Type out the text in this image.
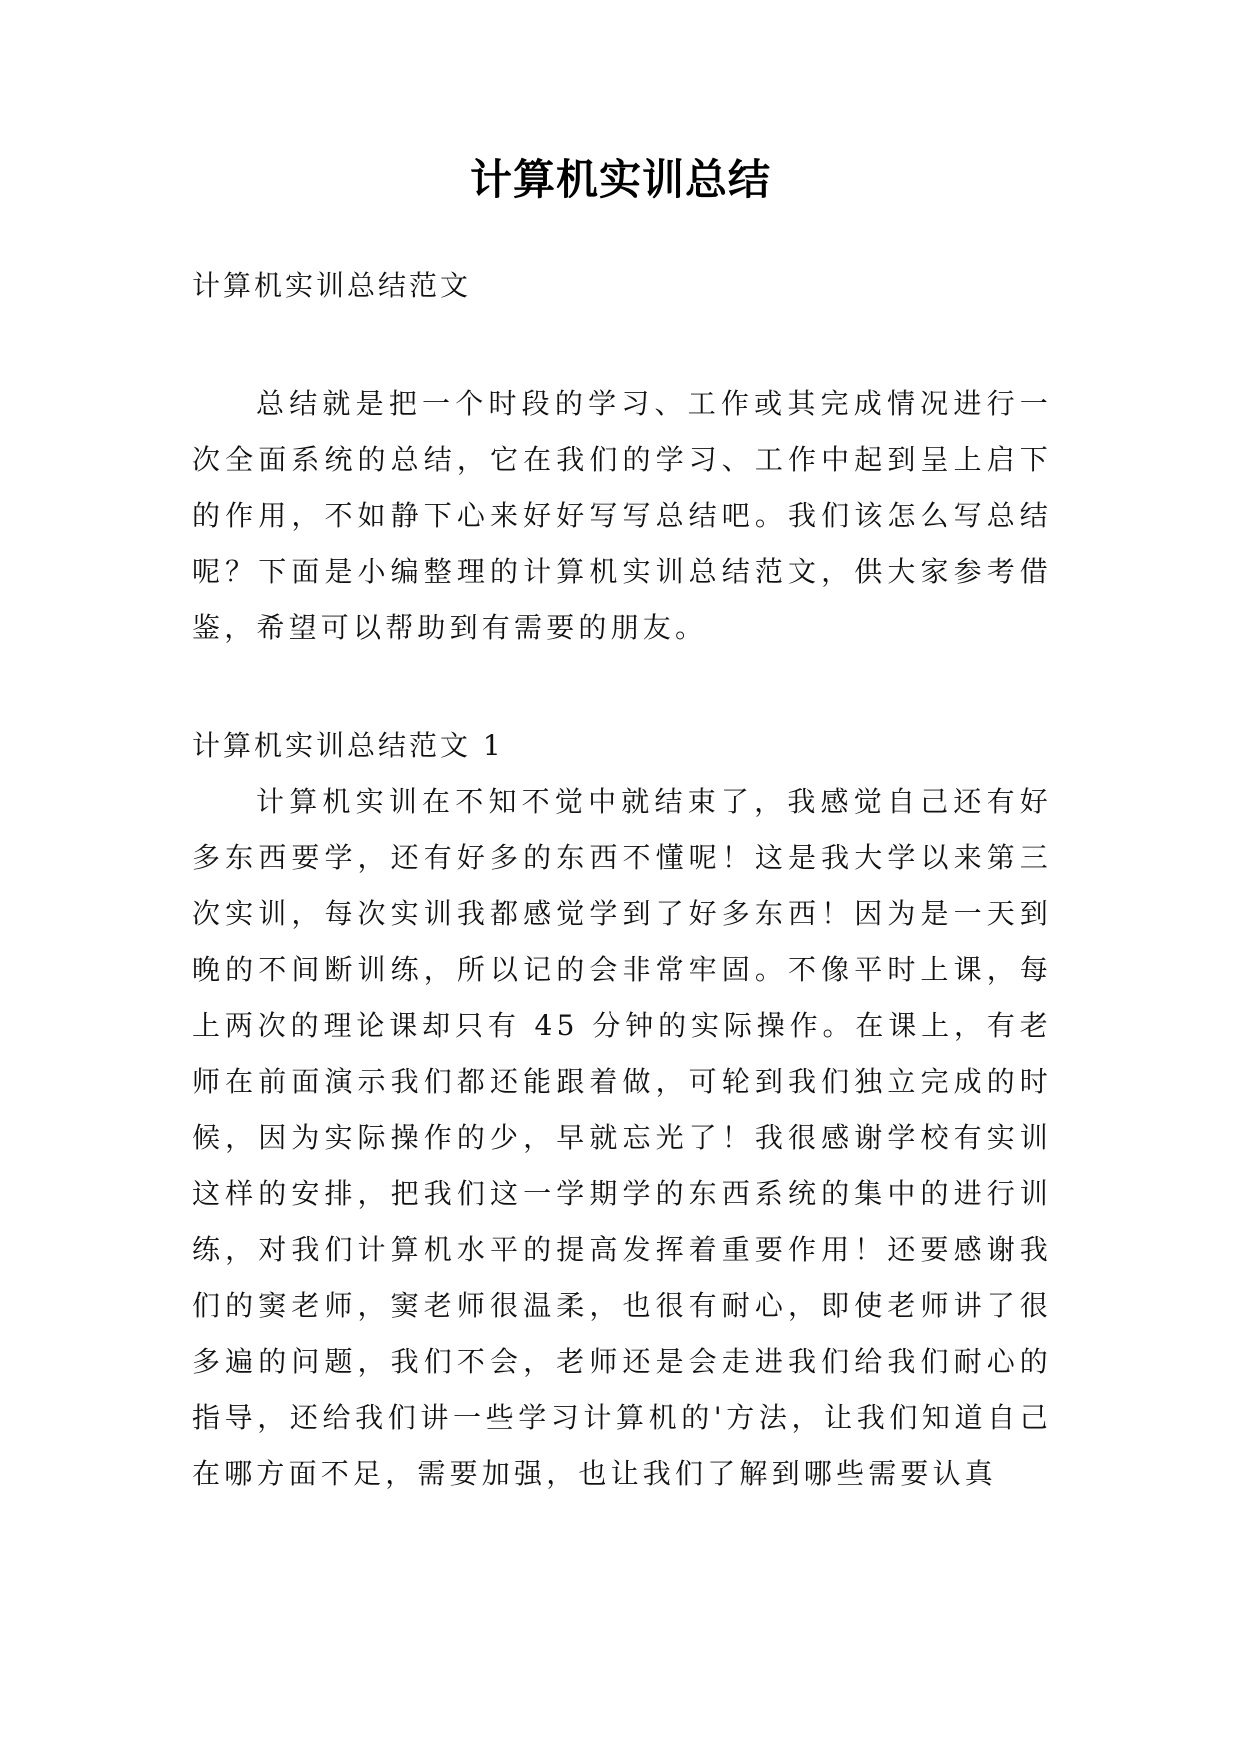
计算机实训总结

计算机实训总结范文

总结就是把一个时段的学习、工作或其完成情况进行一次全面系统的总结，它在我们的学习、工作中起到呈上启下的作用，不如静下心来好好写写总结吧。我们该怎么写总结呢？下面是小编整理的计算机实训总结范文，供大家参考借鉴，希望可以帮助到有需要的朋友。

计算机实训总结范文 1

计算机实训在不知不觉中就结束了，我感觉自己还有好多东西要学，还有好多的东西不懂呢！这是我大学以来第三次实训，每次实训我都感觉学到了好多东西！因为是一天到晚的不间断训练，所以记的会非常牢固。不像平时上课，每上两次的理论课却只有 45 分钟的实际操作。在课上，有老师在前面演示我们都还能跟着做，可轮到我们独立完成的时候，因为实际操作的少，早就忘光了！我很感谢学校有实训这样的安排，把我们这一学期学的东西系统的集中的进行训练，对我们计算机水平的提高发挥着重要作用！还要感谢我们的窦老师，窦老师很温柔，也很有耐心，即使老师讲了很多遍的问题，我们不会，老师还是会走进我们给我们耐心的指导，还给我们讲一些学习计算机的'方法，让我们知道自己在哪方面不足，需要加强，也让我们了解到哪些需要认真
